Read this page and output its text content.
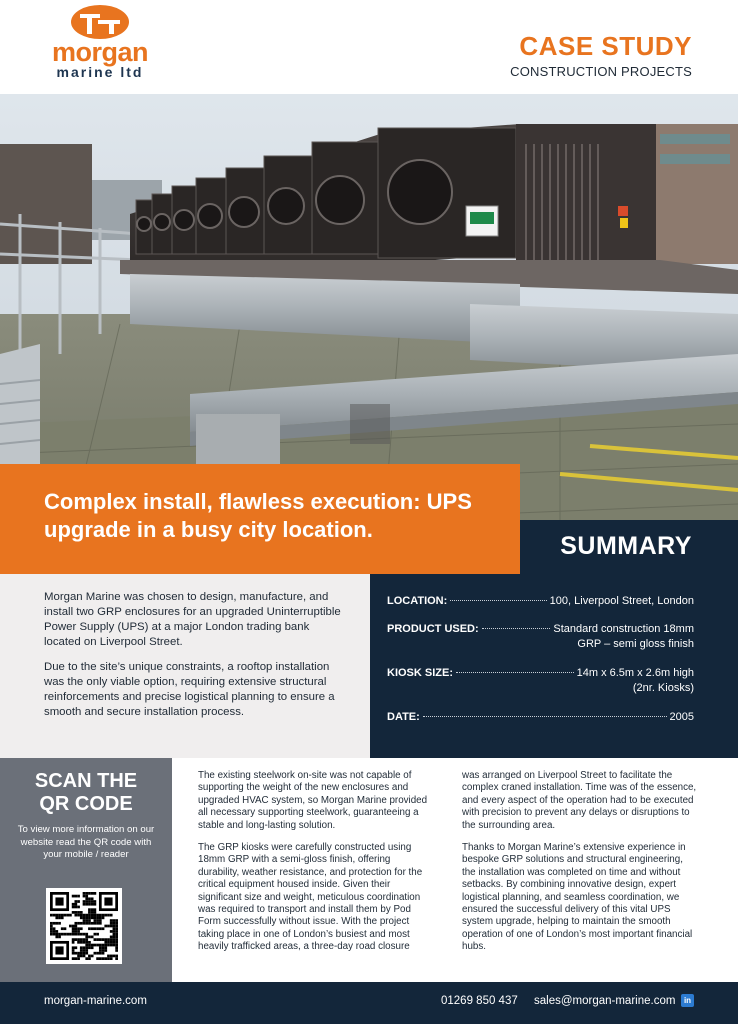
morgan
marine ltd
CASE STUDY
CONSTRUCTION PROJECTS
Complex install, flawless execution: UPS upgrade in a busy city location.
SUMMARY

Morgan Marine was chosen to design, manufacture, and install two GRP enclosures for an upgraded Uninterruptible Power Supply (UPS) at a major London trading bank located on Liverpool Street.

Due to the site’s unique constraints, a rooftop installation was the only viable option, requiring extensive structural reinforcements and precise logistical planning to ensure a smooth and secure installation process.

LOCATION:	100, Liverpool Street, London
PRODUCT USED:	Standard construction 18mm
GRP – semi gloss finish
KIOSK SIZE:	14m x 6.5m x 2.6m high
(2nr. Kiosks)
DATE:	2005
SCAN THE
QR CODE
To view more information on our website read the QR code with your mobile / reader

The existing steelwork on-site was not capable of supporting the weight of the new enclosures and upgraded HVAC system, so Morgan Marine provided all necessary supporting steelwork, guaranteeing a stable and long-lasting solution.

The GRP kiosks were carefully constructed using 18mm GRP with a semi-gloss finish, offering durability, weather resistance, and protection for the critical equipment housed inside. Given their significant size and weight, meticulous coordination was required to transport and install them by Pod Form successfully without issue. With the project taking place in one of London’s busiest and most heavily trafficked areas, a three-day road closure

was arranged on Liverpool Street to facilitate the complex craned installation. Time was of the essence, and every aspect of the operation had to be executed with precision to prevent any delays or disruptions to the surrounding area.

Thanks to Morgan Marine’s extensive experience in bespoke GRP solutions and structural engineering, the installation was completed on time and without setbacks. By combining innovative design, expert logistical planning, and seamless coordination, we ensured the successful delivery of this vital UPS system upgrade, helping to maintain the smooth operation of one of London’s most important financial hubs.

morgan-marine.com	01269 850 437 sales@morgan-marine.com	in
